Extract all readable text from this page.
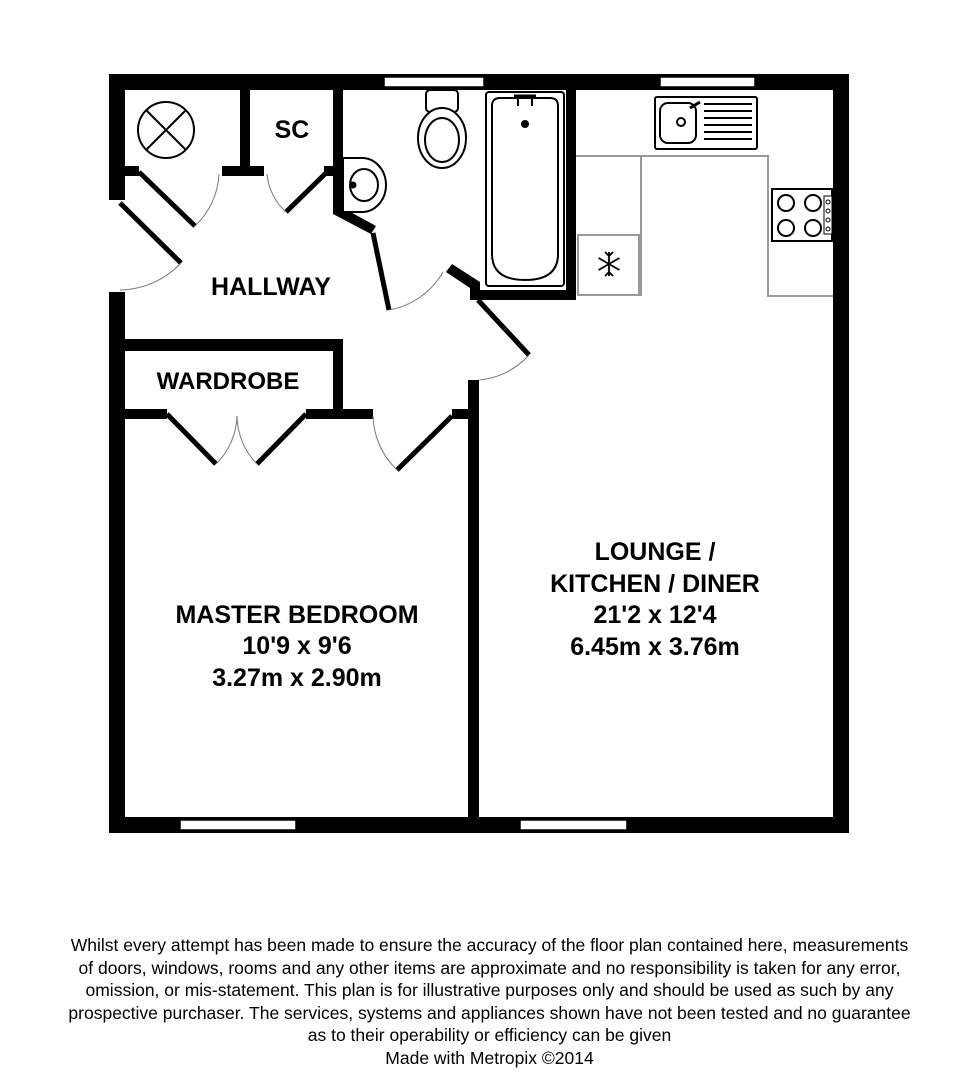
SC
HALLWAY
WARDROBE
MASTER BEDROOM
10'9 x 9'6
3.27m x 2.90m
LOUNGE /
KITCHEN / DINER
21'2 x 12'4
6.45m x 3.76m
Whilst every attempt has been made to ensure the accuracy of the floor plan contained here, measurements
of doors, windows, rooms and any other items are approximate and no responsibility is taken for any error,
omission, or mis-statement. This plan is for illustrative purposes only and should be used as such by any
prospective purchaser. The services, systems and appliances shown have not been tested and no guarantee
as to their operability or efficiency can be given
Made with Metropix ©2014
